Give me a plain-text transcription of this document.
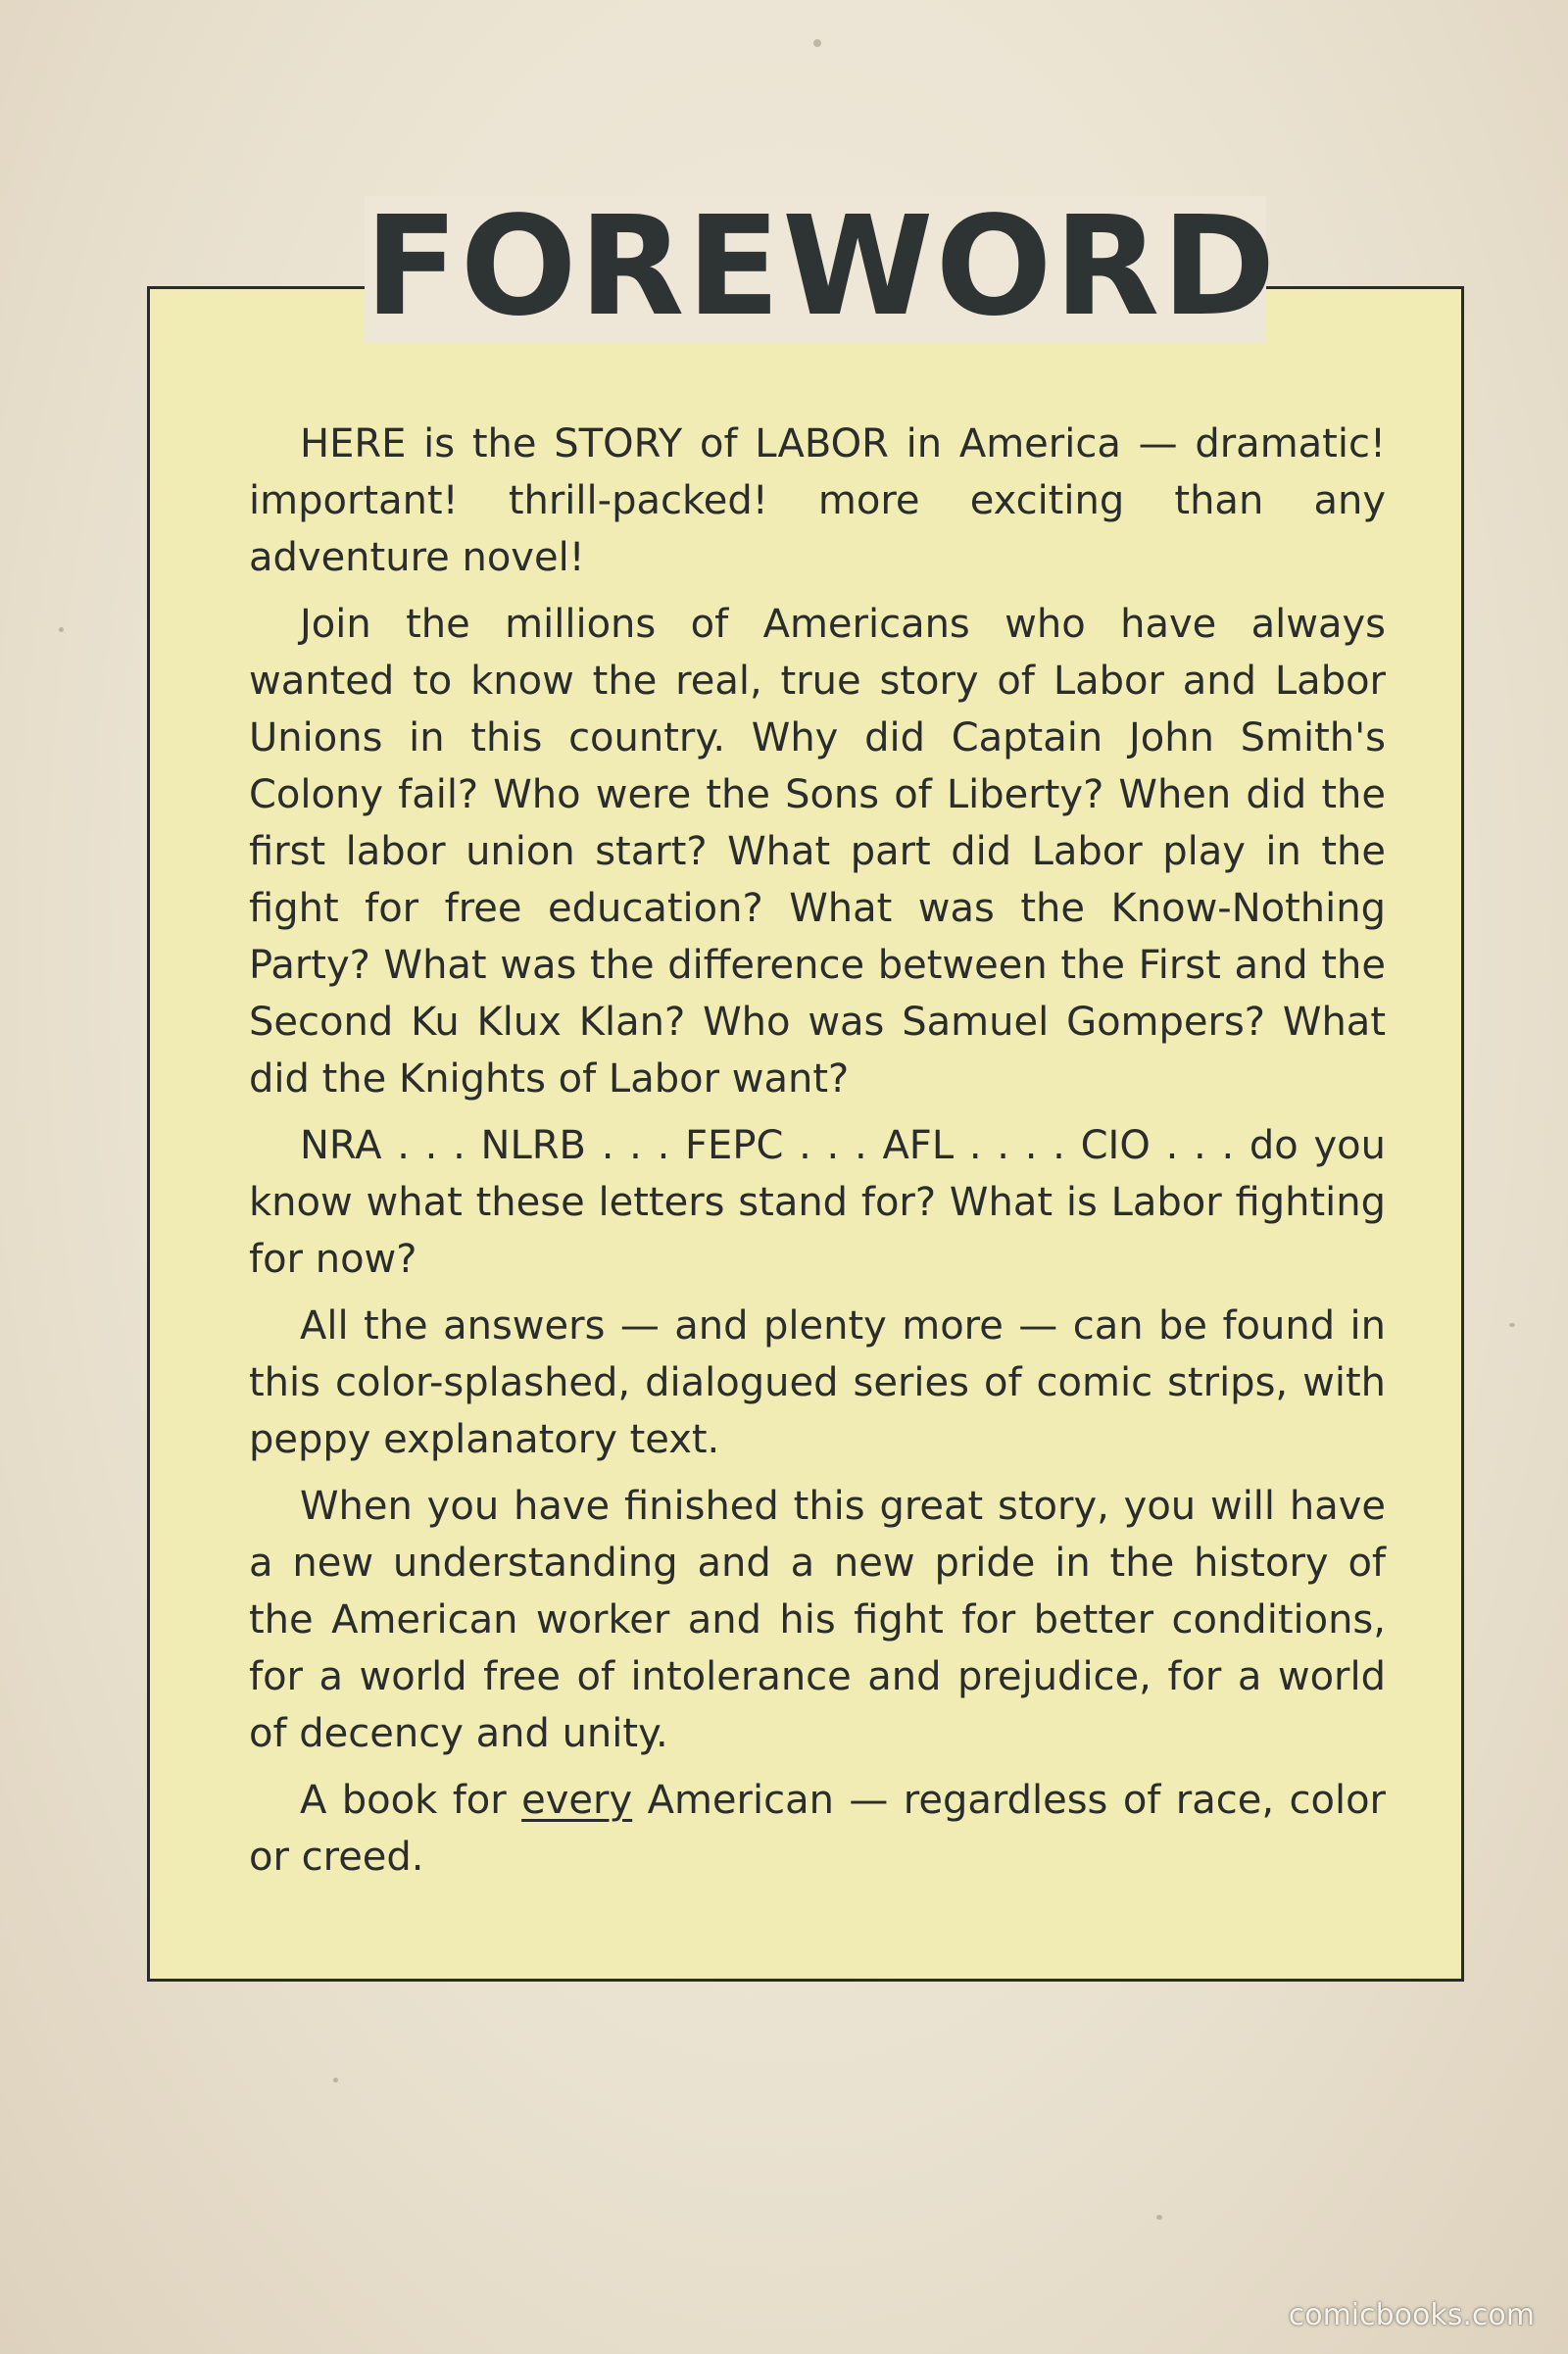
FOREWORD

HERE is the STORY of LABOR in America — dramatic! important! thrill-packed! more exciting than any adventure novel!

Join the millions of Americans who have always wanted to know the real, true story of Labor and Labor Unions in this country. Why did Captain John Smith's Colony fail? Who were the Sons of Liberty? When did the first labor union start? What part did Labor play in the fight for free education? What was the Know-Nothing Party? What was the difference between the First and the Second Ku Klux Klan? Who was Samuel Gompers? What did the Knights of Labor want?

NRA . . . NLRB . . . FEPC . . . AFL . . . . CIO . . . do you know what these letters stand for? What is Labor fighting for now?

All the answers — and plenty more — can be found in this color-splashed, dialogued series of comic strips, with peppy explanatory text.

When you have finished this great story, you will have a new understanding and a new pride in the history of the American worker and his fight for better conditions, for a world free of intolerance and prejudice, for a world of decency and unity.

A book for every American — regardless of race, color or creed.

comicbooks.com
